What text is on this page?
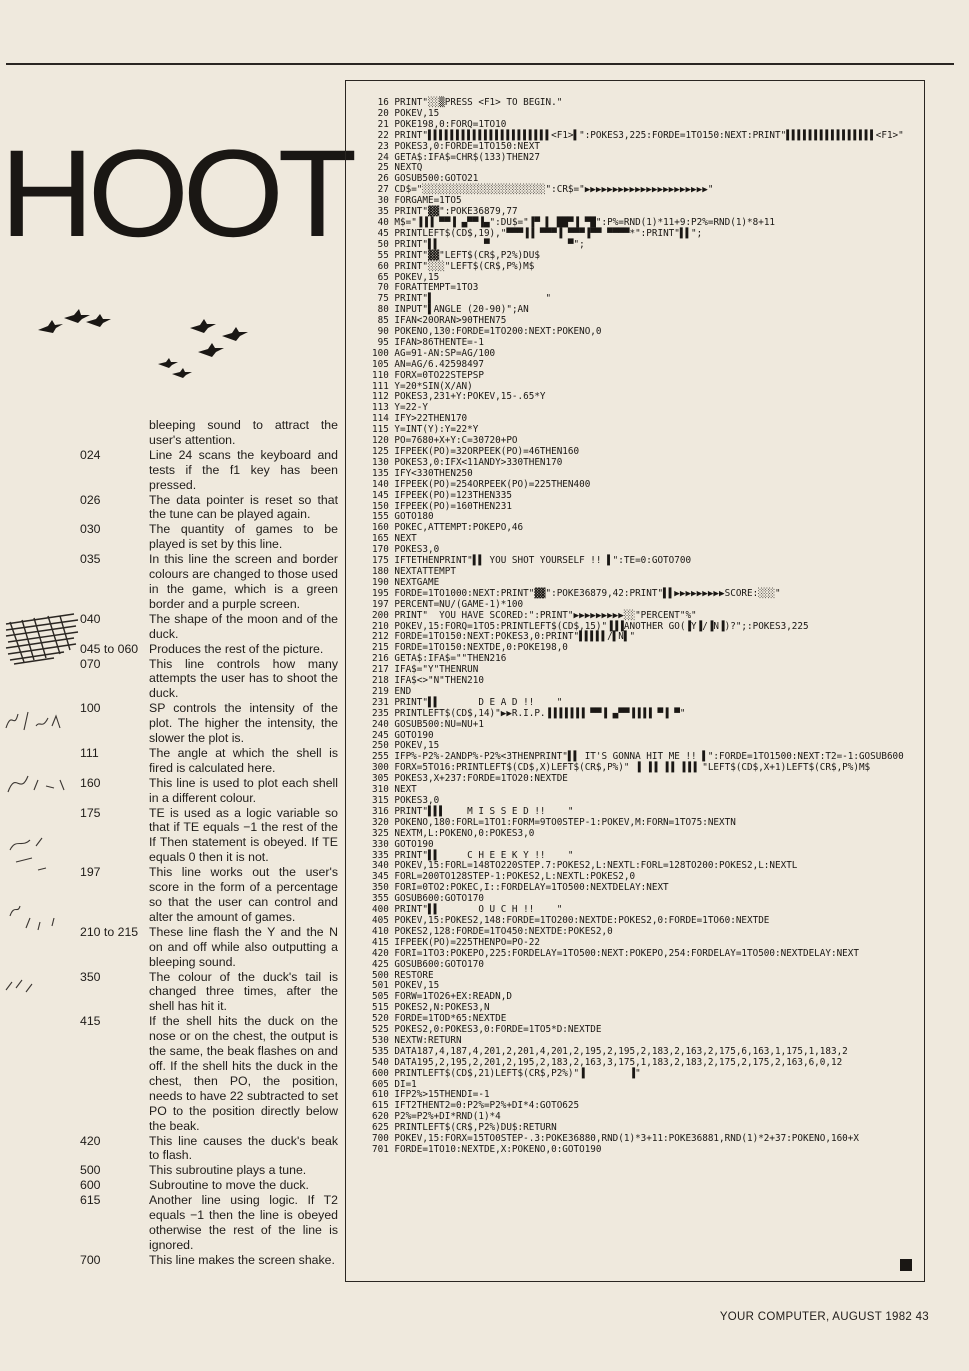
HOOT
bleeping sound to attract the user's attention.
024	Line 24 scans the keyboard and tests if the f1 key has been pressed.
026	The data pointer is reset so that the tune can be played again.
030	The quantity of games to be played is set by this line.
035	In this line the screen and border colours are changed to those used in the game, which is a green border and a purple screen.
040	The shape of the moon and of the duck.
045 to 060 Produces the rest of the picture.
070	This line controls how many attempts the user has to shoot the duck.
100	SP controls the intensity of the plot. The higher the intensity, the slower the plot is.
111	The angle at which the shell is fired is calculated here.
160	This line is used to plot each shell in a different colour.
175	TE is used as a logic variable so that if TE equals −1 the rest of the If Then statement is obeyed. If TE equals 0 then it is not.
197	This line works out the user's score in the form of a percentage so that the user can control and alter the amount of games.
210 to 215 These line flash the Y and the N on and off while also outputting a bleeping sound.
350	The colour of the duck's tail is changed three times, after the shell has hit it.
415	If the shell hits the duck on the nose or on the chest, the output is the same, the beak flashes on and off. If the shell hits the duck in the chest, then PO, the position, needs to have 22 subtracted to set PO to the position directly below the beak.
420	This line causes the duck's beak to flash.
500	This subroutine plays a tune.
600	Subroutine to move the duck.
615	Another line using logic. If T2 equals −1 then the line is obeyed otherwise the rest of the line is ignored.
700	This line makes the screen shake.
16 PRINT"░░▒PRESS <F1> TO BEGIN."
20 POKEV,15
21 POKE198,0:FORQ=1TO10
22 PRINT"▌▌▌▌▌▌▌▌▌▌▌▌▌▌▌▌▌▌▌▌▌▌<F1>▌":POKES3,225:FORDE=1TO150:NEXT:PRINT"▌▌▌▌▌▌▌▌▌▌▌▌▌▌▌▌<F1>"
23 POKES3,0:FORDE=1TO150:NEXT
24 GETA$:IFA$=CHR$(133)THEN27
25 NEXTQ
26 GOSUB500:GOTO21
27 CD$="░░░░░░░░░░░░░░░░░░░░░░":CR$="▶▶▶▶▶▶▶▶▶▶▶▶▶▶▶▶▶▶▶▶▶▶"
30 FORGAME=1TO5
35 PRINT"▓▓":POKE36879,77
40 M$="▐▐▐ ▀▀▐ ▄▀▀▐▄":DU$="▐▀ ▌ ██▀▐ ▀█":P%=RND(1)*11+9:P2%=RND(1)*8+11
45 PRINTLEFT$(CD$,19),"▀▀▀▐▐ ▀▀▀▐ ▀▀▀▐▀▀ ▀▀▀▀*":PRINT"▌▌";
50 PRINT"▌▌        ▀              ▀";
55 PRINT"▓▓"LEFT$(CR$,P2%)DU$
60 PRINT"░░░"LEFT$(CR$,P%)M$
65 POKEV,15
70 FORATTEMPT=1TO3
75 PRINT"▌                    "
80 INPUT"▌ANGLE (20-90)";AN
85 IFAN<20ORAN>90THEN75
90 POKENO,130:FORDE=1TO200:NEXT:POKENO,0
95 IFAN>86THENTE=-1
100 AG=91-AN:SP=AG/100
105 AN=AG/6.42598497
110 FORX=0TO22STEPSP
111 Y=20*SIN(X/AN)
112 POKES3,231+Y:POKEV,15-.65*Y
113 Y=22-Y
114 IFY>22THEN170
115 Y=INT(Y):Y=22*Y
120 PO=7680+X+Y:C=30720+PO
125 IFPEEK(PO)=32ORPEEK(PO)=46THEN160
130 POKES3,0:IFX<11ANDY>330THEN170
135 IFY<330THEN250
140 IFPEEK(PO)=254ORPEEK(PO)=225THEN400
145 IFPEEK(PO)=123THEN335
150 IFPEEK(PO)=160THEN231
155 GOTO180
160 POKEC,ATTEMPT:POKEPO,46
165 NEXT
170 POKES3,0
175 IFTETHENPRINT"▌▌ YOU SHOT YOURSELF !! ▌":TE=0:GOTO700
180 NEXTATTEMPT
190 NEXTGAME
195 FORDE=1TO1000:NEXT:PRINT"▓▓":POKE36879,42:PRINT"▌▌▶▶▶▶▶▶▶▶▶SCORE:░░░"
197 PERCENT=NU/(GAME-1)*100
200 PRINT"  YOU HAVE SCORED:":PRINT"▶▶▶▶▶▶▶▶▶░░"PERCENT"%"
210 POKEV,15:FORQ=1TO5:PRINTLEFT$(CD$,15)"▐▐▐ANOTHER GO(▐Y▐/▐N▐)?";:POKES3,225
212 FORDE=1TO150:NEXT:POKES3,0:PRINT"▌▌▌▌▌/▌N▌"
215 FORDE=1TO150:NEXTDE,0:POKE198,0
216 GETA$:IFA$=""THEN216
217 IFA$="Y"THENRUN
218 IFA$<>"N"THEN210
219 END
231 PRINT"▌▌       D E A D !!    "
235 PRINTLEFT$(CD$,14)"▶▶R.I.P.▐▐▐▐▐▐▐ ▀▀▐ ▄▀▀▐▐▐▐ ▀▐ ▀"
240 GOSUB500:NU=NU+1
245 GOTO190
250 POKEV,15
255 IFP%-P2%-2ANDP%-P2%<3THENPRINT"▌▌ IT'S GONNA HIT ME !! ▌":FORDE=1TO1500:NEXT:T2=-1:GOSUB600
300 FORX=5TO16:PRINTLEFT$(CD$,X)LEFT$(CR$,P%)" ▐ ▐▐ ▐▐ ▐▐▐ "LEFT$(CD$,X+1)LEFT$(CR$,P%)M$
305 POKES3,X+237:FORDE=1TO20:NEXTDE
310 NEXT
315 POKES3,0
316 PRINT"▌▌▌    M I S S E D !!    "
320 POKENO,180:FORL=1TO1:FORM=9TO0STEP-1:POKEV,M:FORN=1TO75:NEXTN
325 NEXTM,L:POKENO,0:POKES3,0
330 GOTO190
335 PRINT"▌▌     C H E E K Y !!    "
340 POKEV,15:FORL=148TO220STEP.7:POKES2,L:NEXTL:FORL=128TO200:POKES2,L:NEXTL
345 FORL=200TO128STEP-1:POKES2,L:NEXTL:POKES2,0
350 FORI=0TO2:POKEC,I::FORDELAY=1TO500:NEXTDELAY:NEXT
355 GOSUB600:GOTO170
400 PRINT"▌▌       O U C H !!    "
405 POKEV,15:POKES2,148:FORDE=1TO200:NEXTDE:POKES2,0:FORDE=1TO60:NEXTDE
410 POKES2,128:FORDE=1TO450:NEXTDE:POKES2,0
415 IFPEEK(PO)=225THENPO=PO-22
420 FORI=1TO3:POKEPO,225:FORDELAY=1TO500:NEXT:POKEPO,254:FORDELAY=1TO500:NEXTDELAY:NEXT
425 GOSUB600:GOTO170
500 RESTORE
501 POKEV,15
505 FORW=1TO26+EX:READN,D
515 POKES2,N:POKES3,N
520 FORDE=1TOD*65:NEXTDE
525 POKES2,0:POKES3,0:FORDE=1TO5*D:NEXTDE
530 NEXTW:RETURN
535 DATA187,4,187,4,201,2,201,4,201,2,195,2,195,2,183,2,163,2,175,6,163,1,175,1,183,2
540 DATA195,2,195,2,201,2,195,2,183,2,163,3,175,1,183,2,183,2,175,2,175,2,163,6,0,12
600 PRINTLEFT$(CD$,21)LEFT$(CR$,P2%)"▐        ▐"
605 DI=1
610 IFP2%>15THENDI=-1
615 IFT2THENT2=0:P2%=P2%+DI*4:GOTO625
620 P2%=P2%+DI*RND(1)*4
625 PRINTLEFT$(CR$,P2%)DU$:RETURN
700 POKEV,15:FORX=15TO0STEP-.3:POKE36880,RND(1)*3+11:POKE36881,RND(1)*2+37:POKENO,160+X
701 FORDE=1TO10:NEXTDE,X:POKENO,0:GOTO190
YOUR COMPUTER, AUGUST 1982 43
